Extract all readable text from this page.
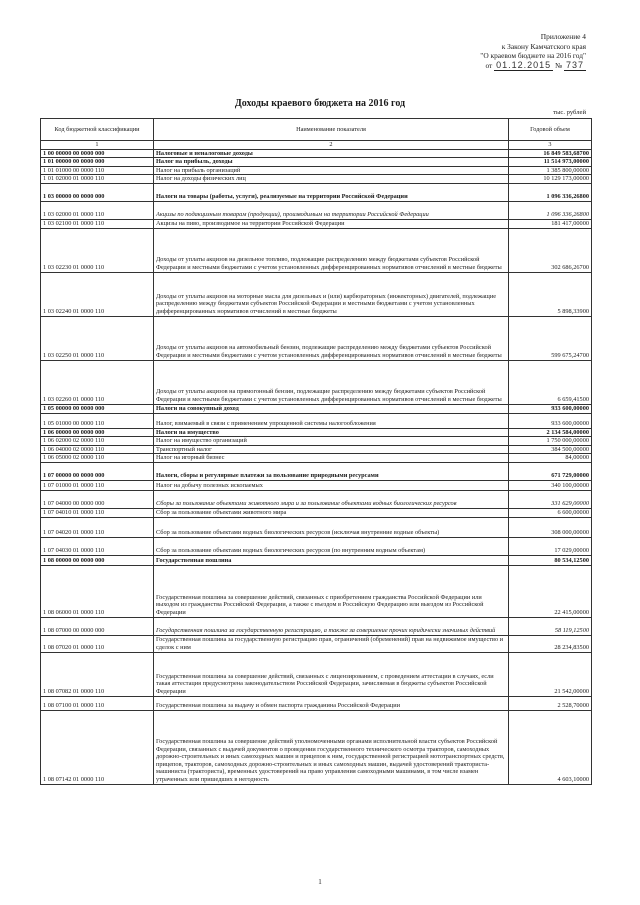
Приложение 4
к Закону Камчатского края
"О краевом бюджете на 2016 год"
от 01.12.2015 № 737
Доходы краевого бюджета на 2016 год
тыс. рублей
Код бюджетной классификации	Наименование показателя	Годовой объем
1	2	3
1 00 00000 00 0000 000	Налоговые и неналоговые доходы	16 849 583,68700
1 01 00000 00 0000 000	Налог на прибыль, доходы	11 514 973,00000
1 01 01000 00 0000 110	Налог на прибыль организаций	1 385 800,00000
1 01 02000 01 0000 110	Налог на доходы физических лиц	10 129 173,00000
1 03 00000 00 0000 000	Налоги на товары (работы, услуги), реализуемые на территории Российской Федерации	1 096 336,26800
1 03 02000 01 0000 110	Акцизы по подакцизным товарам (продукции), производимым на территории Российской Федерации	1 096 336,26800
1 03 02100 01 0000 110	Акцизы на пиво, производимое на территории Российской Федерации	181 417,00000
1 03 02230 01 0000 110	Доходы от уплаты акцизов на дизельное топливо, подлежащие распределению между бюджетами субъектов Российской Федерации и местными бюджетами с учетом установленных дифференцированных нормативов отчислений в местные бюджеты	302 686,26700
1 03 02240 01 0000 110	Доходы от уплаты акцизов на моторные масла для дизельных и (или) карбюраторных (инжекторных) двигателей, подлежащие распределению между бюджетами субъектов Российской Федерации и местными бюджетами с учетом установленных дифференцированных нормативов отчислений в местные бюджеты	5 898,33900
1 03 02250 01 0000 110	Доходы от уплаты акцизов на автомобильный бензин, подлежащие распределению между бюджетами субъектов Российской Федерации и местными бюджетами с учетом установленных дифференцированных нормативов отчислений в местные бюджеты	599 675,24700
1 03 02260 01 0000 110	Доходы от уплаты акцизов на прямогонный бензин, подлежащие распределению между бюджетами субъектов Российской Федерации и местными бюджетами с учетом установленных дифференцированных нормативов отчислений в местные бюджеты	6 659,41500
1 05 00000 00 0000 000	Налоги на совокупный доход	933 600,00000
1 05 01000 00 0000 110	Налог, взимаемый в связи с применением упрощенной системы налогообложения	933 600,00000
1 06 00000 00 0000 000	Налоги на имущество	2 134 584,00000
1 06 02000 02 0000 110	Налог на имущество организаций	1 750 000,00000
1 06 04000 02 0000 110	Транспортный налог	384 500,00000
1 06 05000 02 0000 110	Налог на игорный бизнес	84,00000
1 07 00000 00 0000 000	Налоги, сборы и регулярные платежи за пользование природными ресурсами	671 729,00000
1 07 01000 01 0000 110	Налог на добычу полезных ископаемых	340 100,00000
1 07 04000 00 0000 000	Сборы за пользование объектами животного мира и за пользование объектами водных биологических ресурсов	331 629,00000
1 07 04010 01 0000 110	Сбор за пользование объектами животного мира	6 600,00000
1 07 04020 01 0000 110	Сбор за пользование объектами водных биологических ресурсов (исключая внутренние водные объекты)	308 000,00000
1 07 04030 01 0000 110	Сбор за пользование объектами водных биологических ресурсов (по внутренним водным объектам)	17 029,00000
1 08 00000 00 0000 000	Государственная пошлина	80 534,12500
1 08 06000 01 0000 110	Государственная пошлина за совершение действий, связанных с приобретением гражданства Российской Федерации или выходом из гражданства Российской Федерации, а также с въездом в Российскую Федерацию или выездом из Российской Федерации	22 415,00000
1 08 07000 00 0000 000	Государственная пошлина за государственную регистрацию, а также за совершение прочих юридически значимых действий	58 119,12500
1 08 07020 01 0000 110	Государственная пошлина за государственную регистрацию прав, ограничений (обременений) прав на недвижимое имущество и сделок с ним	28 234,83500
1 08 07082 01 0000 110	Государственная пошлина за совершение действий, связанных с лицензированием, с проведением аттестации в случаях, если такая аттестация предусмотрена законодательством Российской Федерации, зачисляемая в бюджеты субъектов Российской Федерации	21 542,00000
1 08 07100 01 0000 110	Государственная пошлина за выдачу и обмен паспорта гражданина Российской Федерации	2 528,70000
1 08 07142 01 0000 110	Государственная пошлина за совершение действий уполномоченными органами исполнительной власти субъектов Российской Федерации, связанных с выдачей документов о проведении государственного технического осмотра тракторов, самоходных дорожно-строительных и иных самоходных машин и прицепов к ним, государственной регистрацией мототранспортных средств, прицепов, тракторов, самоходных дорожно-строительных и иных самоходных машин, выдачей удостоверений тракториста-машиниста (тракториста), временных удостоверений на право управления самоходными машинами, в том числе взамен утраченных или пришедших в негодность	4 603,10000
1
